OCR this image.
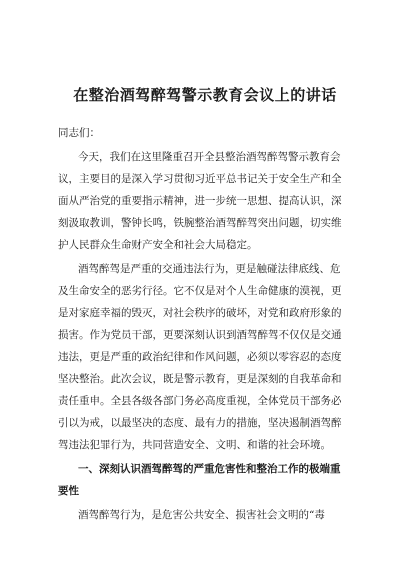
在整治酒驾醉驾警示教育会议上的讲话
同志们：
今天，我们在这里隆重召开全县整治酒驾醉驾警示教育会
议，主要目的是深入学习贯彻习近平总书记关于安全生产和全
面从严治党的重要指示精神，进一步统一思想、提高认识，深
刻汲取教训，警钟长鸣，铁腕整治酒驾醉驾突出问题，切实维
护人民群众生命财产安全和社会大局稳定。
酒驾醉驾是严重的交通违法行为，更是触碰法律底线、危
及生命安全的恶劣行径。它不仅是对个人生命健康的漠视，更
是对家庭幸福的毁灭，对社会秩序的破坏，对党和政府形象的
损害。作为党员干部，更要深刻认识到酒驾醉驾不仅仅是交通
违法，更是严重的政治纪律和作风问题，必须以零容忍的态度
坚决整治。此次会议，既是警示教育，更是深刻的自我革命和
责任重申。全县各级各部门务必高度重视，全体党员干部务必
引以为戒，以最坚决的态度、最有力的措施，坚决遏制酒驾醉
驾违法犯罪行为，共同营造安全、文明、和谐的社会环境。
一、深刻认识酒驾醉驾的严重危害性和整治工作的极端重
要性
酒驾醉驾行为，是危害公共安全、损害社会文明的“毒
